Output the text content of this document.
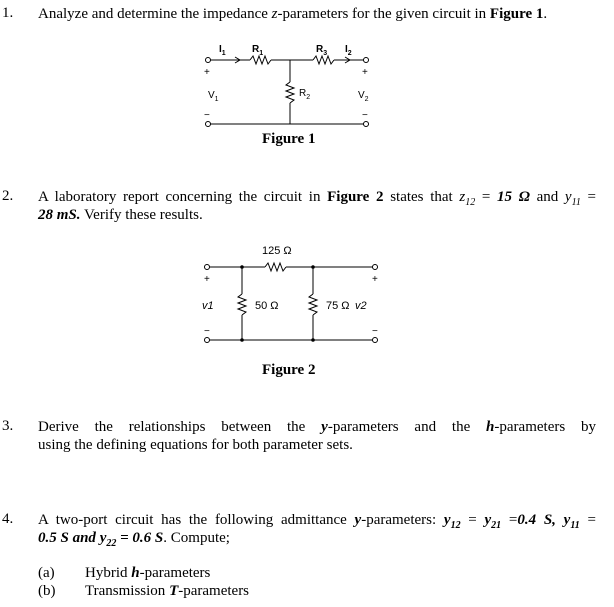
1. Analyze and determine the impedance z-parameters for the given circuit in Figure 1.
$I_1$	$R_1$	$R_3$ $I_2$
$R_2$
+
−
+
−
$V_1$	$V_2$
Figure 1
2. A laboratory report concerning the circuit in Figure 2 states that $z_{12} = 15$ Ω and $y_{11}$ =
28 mS. Verify these results.
125 Ω
50 Ω	75 Ω v2
v1
+
−
+
−
Figure 2
3. Derive the relationships between the y-parameters and the h-parameters by
using the defining equations for both parameter sets.
4. A two-port circuit has the following admittance y-parameters: $y_{12} = y_{21} =0.4$ S, $y_{11}$ =
0.5 S and $y_{22} = 0.6$ S. Compute;
(a) Hybrid h-parameters
(b) Transmission T-parameters
